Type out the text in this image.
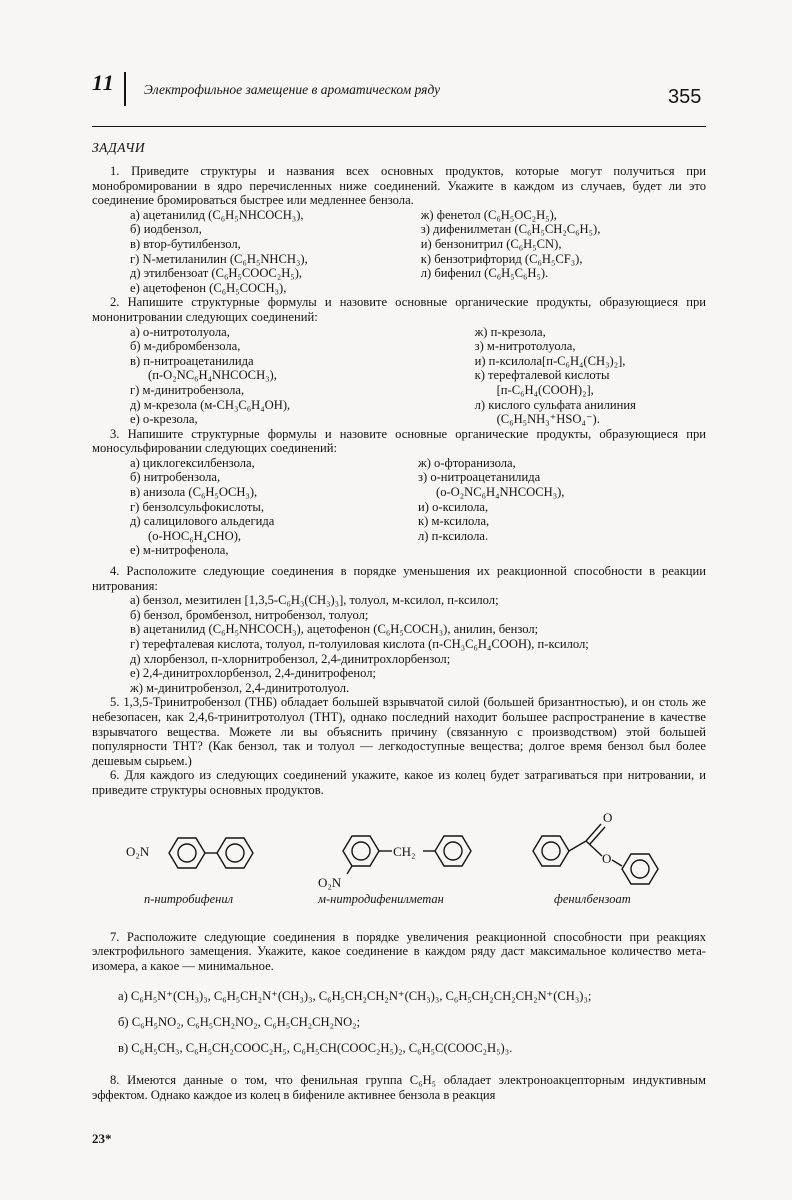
11 Электрофильное замещение в ароматическом ряду	355
ЗАДАЧИ
1. Приведите структуры и названия всех основных продуктов, которые могут получиться при монобромировании в ядро перечисленных ниже соединений. Укажите в каждом из случаев, будет ли это соединение бромироваться быстрее или медленнее бензола.
а) ацетанилид (C₆H₅NHCOCH₃),
б) иодбензол,
в) втор-бутилбензол,
г) N-метиланилин (C₆H₅NHCH₃),
д) этилбензоат (C₆H₅COOC₂H₅),
е) ацетофенон (C₆H₅COCH₃),
ж) фенетол (C₆H₅OC₂H₅),
з) дифенилметан (C₆H₅CH₂C₆H₅),
и) бензонитрил (C₆H₅CN),
к) бензотрифторид (C₆H₅CF₃),
л) бифенил (C₆H₅C₆H₅).
2. Напишите структурные формулы и назовите основные органические продукты, образующиеся при мононитровании следующих соединений:
а) о-нитротолуола,
б) м-дибромбензола,
в) п-нитроацетанилида
(п-O₂NC₆H₄NHCOCH₃),
г) м-динитробензола,
д) м-крезола (м-CH₃C₆H₄OH),
е) о-крезола,
ж) п-крезола,
з) м-нитротолуола,
и) п-ксилола[п-C₆H₄(CH₃)₂],
к) терефталевой кислоты
[п-C₆H₄(COOH)₂],
л) кислого сульфата анилиния
(C₆H₅NH₃⁺HSO₄⁻).
3. Напишите структурные формулы и назовите основные органические продукты, образующиеся при моносульфировании следующих соединений:
а) циклогексилбензола,
б) нитробензола,
в) анизола (C₆H₅OCH₃),
г) бензолсульфокислоты,
д) салицилового альдегида
(о-HOC₆H₄CHO),
е) м-нитрофенола,
ж) о-фторанизола,
з) о-нитроацетанилида
(о-O₂NC₆H₄NHCOCH₃),
и) о-ксилола,
к) м-ксилола,
л) п-ксилола.
4. Расположите следующие соединения в порядке уменьшения их реакционной способности в реакции нитрования:
а) бензол, мезитилен [1,3,5-C₆H₃(CH₃)₃], толуол, м-ксилол, п-ксилол;
б) бензол, бромбензол, нитробензол, толуол;
в) ацетанилид (C₆H₅NHCOCH₃), ацетофенон (C₆H₅COCH₃), анилин, бензол;
г) терефталевая кислота, толуол, п-толуиловая кислота (п-CH₃C₆H₄COOH), п-ксилол;
д) хлорбензол, п-хлорнитробензол, 2,4-динитрохлорбензол;
е) 2,4-динитрохлорбензол, 2,4-динитрофенол;
ж) м-динитробензол, 2,4-динитротолуол.
5. 1,3,5-Тринитробензол (ТНБ) обладает большей взрывчатой силой (большей бризантностью), и он столь же небезопасен, как 2,4,6-тринитротолуол (ТНТ), однако последний находит большее распространение в качестве взрывчатого вещества. Можете ли вы объяснить причину (связанную с производством) этой большей популярности ТНТ? (Как бензол, так и толуол — легкодоступные вещества; долгое время бензол был более дешевым сырьем.)
6. Для каждого из следующих соединений укажите, какое из колец будет затрагиваться при нитровании, и приведите структуры основных продуктов.
O₂N
п-нитробифенил
CH₂
O₂N
м-нитродифенилметан
O
O
фенилбензоат
7. Расположите следующие соединения в порядке увеличения реакционной способности при реакциях электрофильного замещения. Укажите, какое соединение в каждом ряду даст максимальное количество мета-изомера, а какое — минимальное.
а) C₆H₅N⁺(CH₃)₃, C₆H₅CH₂N⁺(CH₃)₃, C₆H₅CH₂CH₂N⁺(CH₃)₃, C₆H₅CH₂CH₂CH₂N⁺(CH₃)₃;
б) C₆H₅NO₂, C₆H₅CH₂NO₂, C₆H₅CH₂CH₂NO₂;
в) C₆H₅CH₃, C₆H₅CH₂COOC₂H₅, C₆H₅CH(COOC₂H₅)₂, C₆H₅C(COOC₂H₅)₃.
8. Имеются данные о том, что фенильная группа C₆H₅ обладает электроноакцепторным индуктивным эффектом. Однако каждое из колец в бифениле активнее бензола в реакция
23*
